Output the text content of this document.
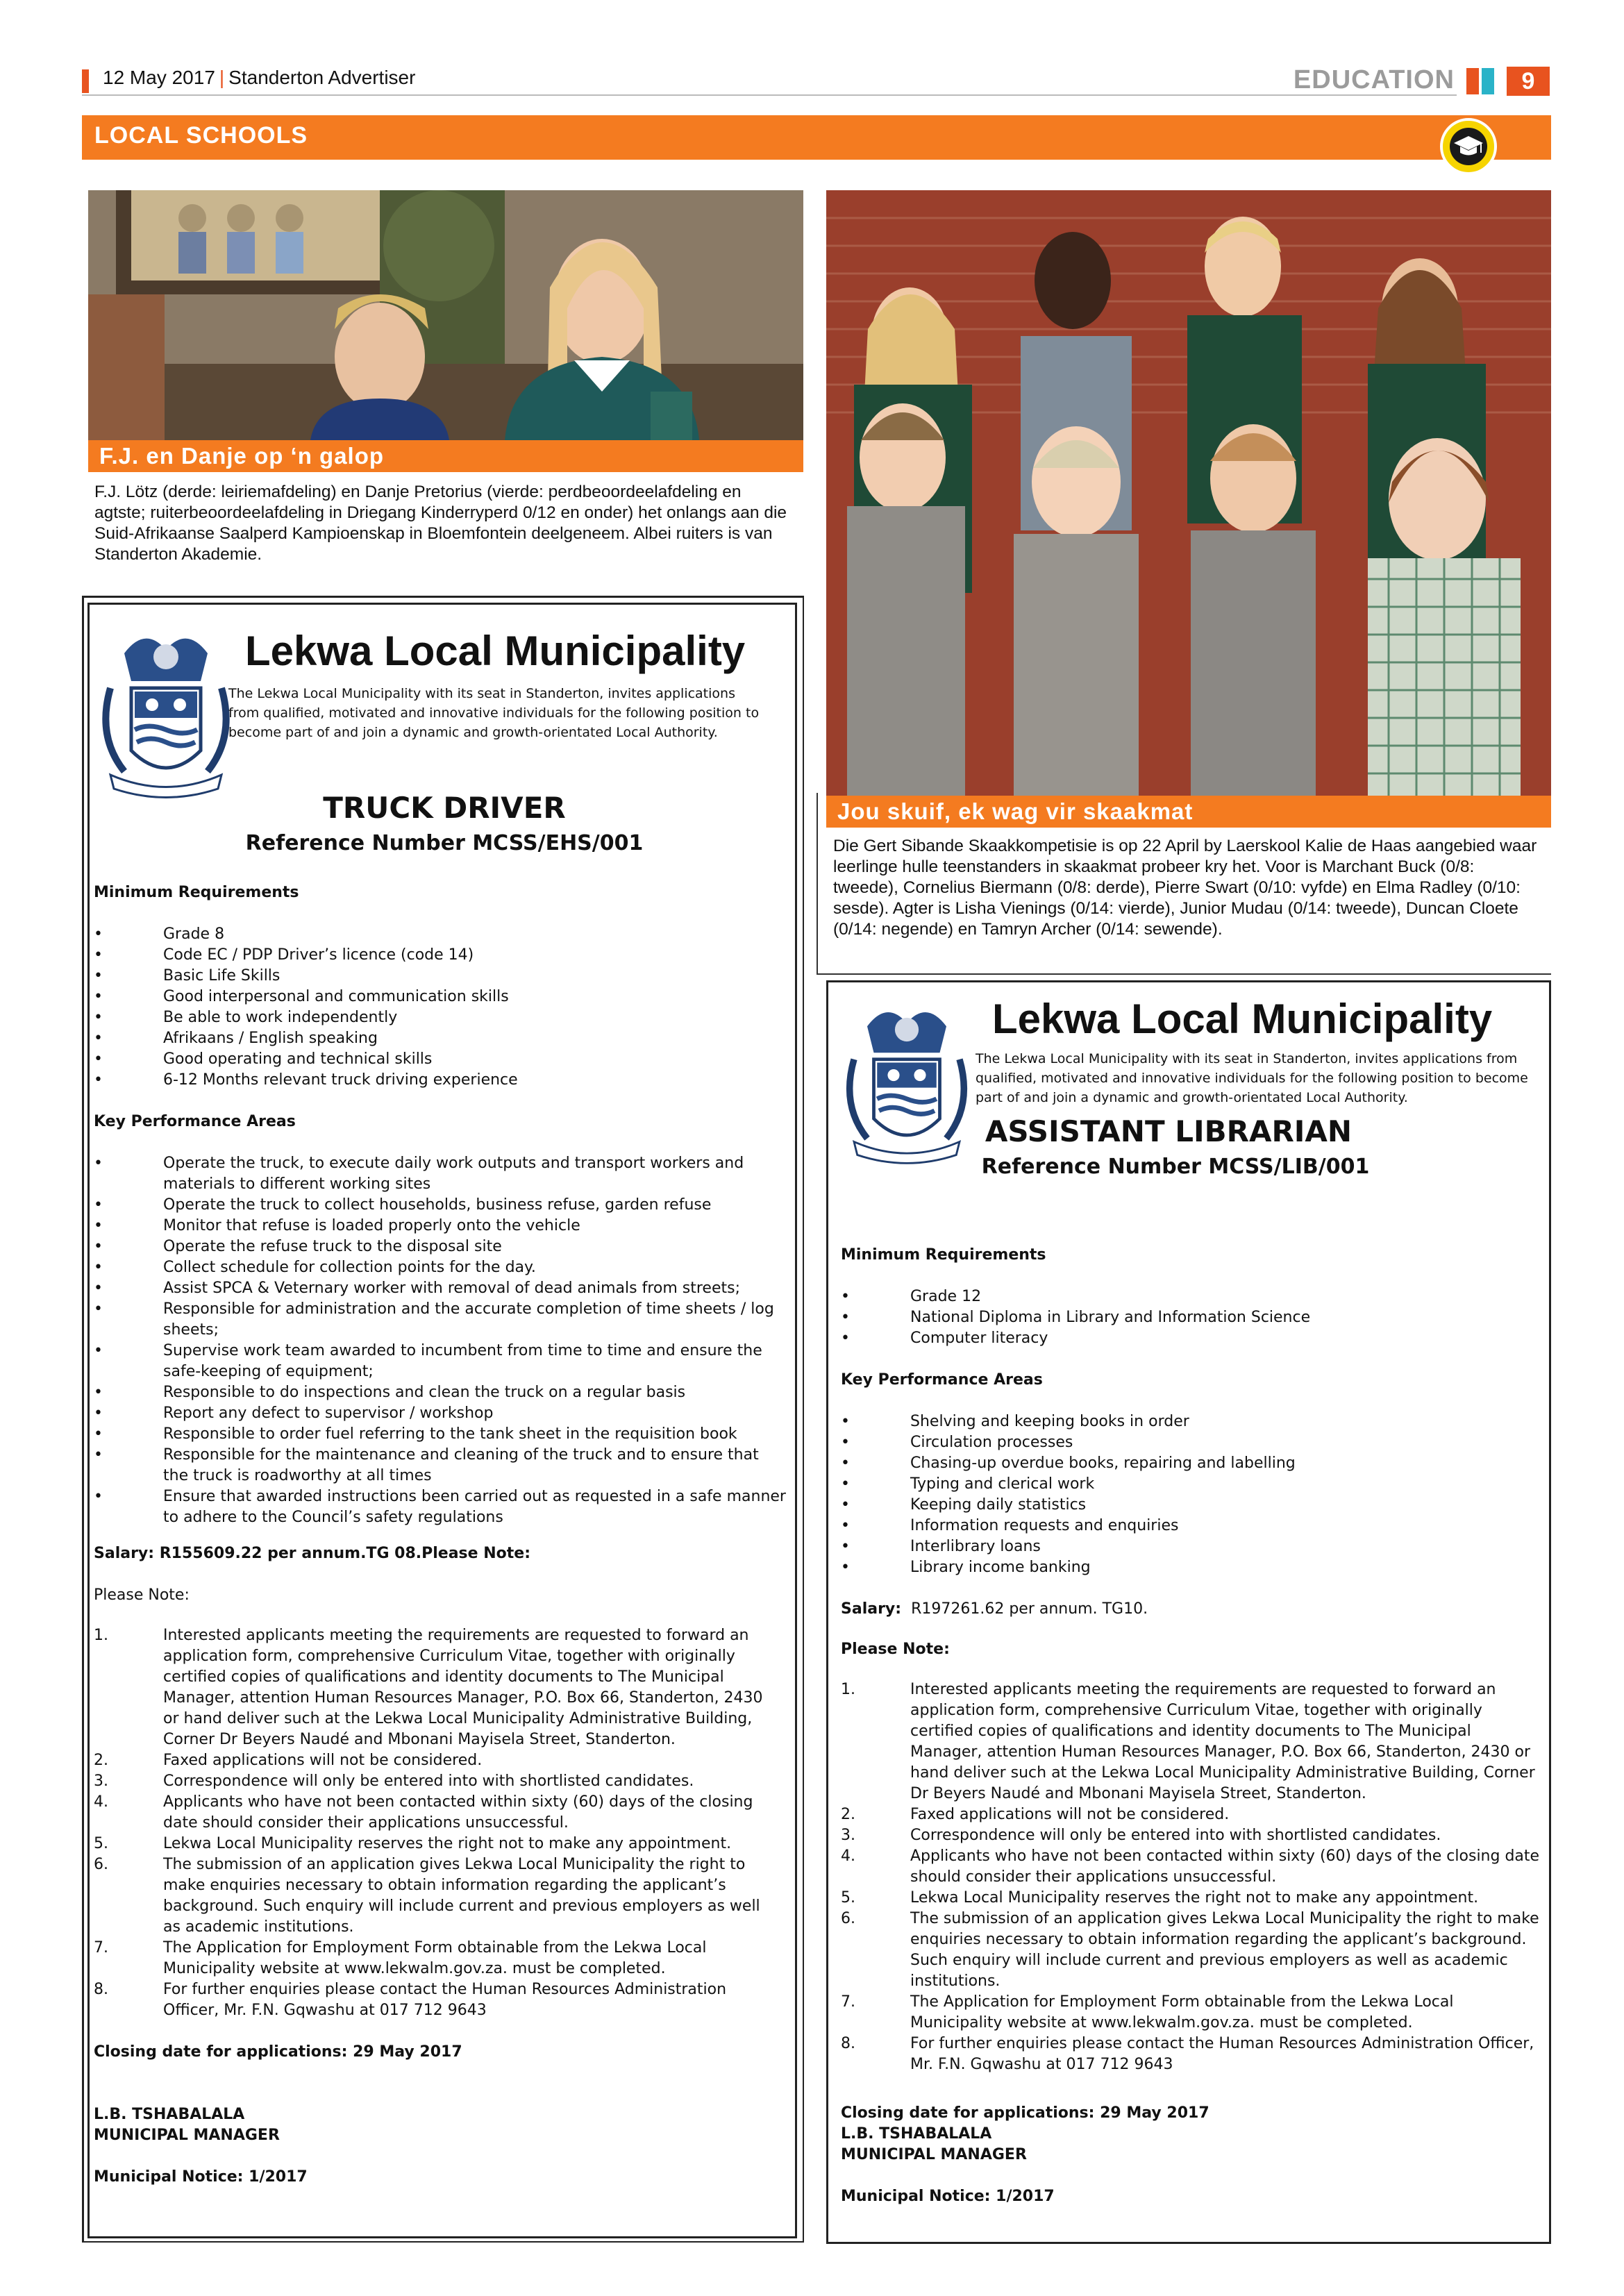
12 May 2017 | Standerton Advertiser	EDUCATION	9
LOCAL SCHOOLS
F.J. en Danje op ‘n galop
F.J. Lötz (derde: leiriemafdeling) en Danje Pretorius (vierde: perdbeoordeelafdeling en agtste; ruiterbeoordeelafdeling in Driegang Kinderryperd 0/12 en onder) het onlangs aan die Suid-Afrikaanse Saalperd Kampioenskap in Bloemfontein deelgeneem. Albei ruiters is van Standerton Akademie.
Jou skuif, ek wag vir skaakmat
Die Gert Sibande Skaakkompetisie is op 22 April by Laerskool Kalie de Haas aangebied waar leerlinge hulle teenstanders in skaakmat probeer kry het. Voor is Marchant Buck (0/8: tweede), Cornelius Biermann (0/8: derde), Pierre Swart (0/10: vyfde) en Elma Radley (0/10: sesde). Agter is Lisha Vienings (0/14: vierde), Junior Mudau (0/14: tweede), Duncan Cloete (0/14: negende) en Tamryn Archer (0/14: sewende).
Lekwa Local Municipality
The Lekwa Local Municipality with its seat in Standerton, invites applications from qualified, motivated and innovative individuals for the following position to become part of and join a dynamic and growth-orientated Local Authority.
TRUCK DRIVER
Reference Number MCSS/EHS/001
Minimum Requirements
•	Grade 8
•	Code EC / PDP Driver’s licence (code 14)
•	Basic Life Skills
•	Good interpersonal and communication skills
•	Be able to work independently
•	Afrikaans / English speaking
•	Good operating and technical skills
•	6-12 Months relevant truck driving experience
Key Performance Areas
•	Operate the truck, to execute daily work outputs and transport workers and materials to different working sites
•	Operate the truck to collect households, business refuse, garden refuse
•	Monitor that refuse is loaded properly onto the vehicle
•	Operate the refuse truck to the disposal site
•	Collect schedule for collection points for the day.
•	Assist SPCA & Veternary worker with removal of dead animals from streets;
•	Responsible for administration and the accurate completion of time sheets / log sheets;
•	Supervise work team awarded to incumbent from time to time and ensure the safe-keeping of equipment;
•	Responsible to do inspections and clean the truck on a regular basis
•	Report any defect to supervisor / workshop
•	Responsible to order fuel referring to the tank sheet in the requisition book
•	Responsible for the maintenance and cleaning of the truck and to ensure that the truck is roadworthy at all times
•	Ensure that awarded instructions been carried out as requested in a safe manner to adhere to the Council’s safety regulations
Salary: R155609.22 per annum.TG 08.Please Note:
Please Note:
1.	Interested applicants meeting the requirements are requested to forward an application form, comprehensive Curriculum Vitae, together with originally certified copies of qualifications and identity documents to The Municipal Manager, attention Human Resources Manager, P.O. Box 66, Standerton, 2430 or hand deliver such at the Lekwa Local Municipality Administrative Building, Corner Dr Beyers Naudé and Mbonani Mayisela Street, Standerton.
2.	Faxed applications will not be considered.
3.	Correspondence will only be entered into with shortlisted candidates.
4.	Applicants who have not been contacted within sixty (60) days of the closing date should consider their applications unsuccessful.
5.	Lekwa Local Municipality reserves the right not to make any appointment.
6.	The submission of an application gives Lekwa Local Municipality the right to make enquiries necessary to obtain information regarding the applicant’s background. Such enquiry will include current and previous employers as well as academic institutions.
7.	The Application for Employment Form obtainable from the Lekwa Local Municipality website at www.lekwalm.gov.za. must be completed.
8.	For further enquiries please contact the Human Resources Administration Officer, Mr. F.N. Gqwashu at 017 712 9643
Closing date for applications: 29 May 2017
L.B. TSHABALALA
MUNICIPAL MANAGER
Municipal Notice: 1/2017
Lekwa Local Municipality
The Lekwa Local Municipality with its seat in Standerton, invites applications from qualified, motivated and innovative individuals for the following position to become part of and join a dynamic and growth-orientated Local Authority.
ASSISTANT LIBRARIAN
Reference Number MCSS/LIB/001
Minimum Requirements
•	Grade 12
•	National Diploma in Library and Information Science
•	Computer literacy
Key Performance Areas
•	Shelving and keeping books in order
•	Circulation processes
•	Chasing-up overdue books, repairing and labelling
•	Typing and clerical work
•	Keeping daily statistics
•	Information requests and enquiries
•	Interlibrary loans
•	Library income banking
Salary: R197261.62 per annum. TG10.
Please Note:
1.	Interested applicants meeting the requirements are requested to forward an application form, comprehensive Curriculum Vitae, together with originally certified copies of qualifications and identity documents to The Municipal Manager, attention Human Resources Manager, P.O. Box 66, Standerton, 2430 or hand deliver such at the Lekwa Local Municipality Administrative Building, Corner Dr Beyers Naudé and Mbonani Mayisela Street, Standerton.
2.	Faxed applications will not be considered.
3.	Correspondence will only be entered into with shortlisted candidates.
4.	Applicants who have not been contacted within sixty (60) days of the closing date should consider their applications unsuccessful.
5.	Lekwa Local Municipality reserves the right not to make any appointment.
6.	The submission of an application gives Lekwa Local Municipality the right to make enquiries necessary to obtain information regarding the applicant’s background. Such enquiry will include current and previous employers as well as academic institutions.
7.	The Application for Employment Form obtainable from the Lekwa Local Municipality website at www.lekwalm.gov.za. must be completed.
8.	For further enquiries please contact the Human Resources Administration Officer, Mr. F.N. Gqwashu at 017 712 9643
Closing date for applications: 29 May 2017
L.B. TSHABALALA
MUNICIPAL MANAGER
Municipal Notice: 1/2017
